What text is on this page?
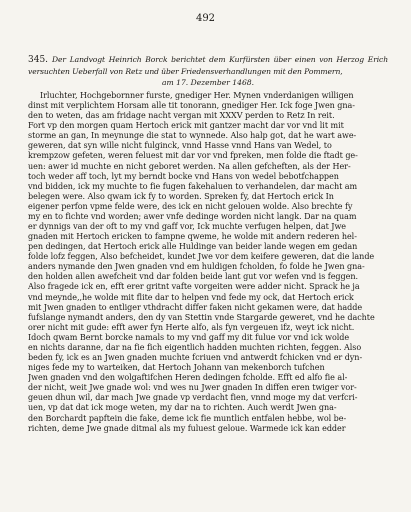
492
345. Der Landvogt Heinrich Borck berichtet dem Kurfürsten über einen von Herzog Erich versuchten Ueberfall von Retz und über Friedensverhandlungen mit den Pommern,
am 17. Dezember 1468.
Irluchter, Hochgebornner furste, gnediger Her. Mynen vnderdanigen willigen
dinst mit verplichtem Horsam alle tit tonorann, gnediger Her. Ick foge Jwen gna-
den to weten, das am fridage nacht vergan mit XXXV perden to Retz In reit.
Fort vp den morgen quam Hertoch erick mit gantzer macht dar vor vnd lit mit
storme an gan, In meynunge die stat to wynnede. Also halp got, dat he wart awe-
geweren, dat syn wille nicht fulginck, vnnd Hasse vnnd Hans van Wedel, to
krempzow gefeten, weren feluest mit dar vor vnd fpreken, men folde die ftadt ge-
uen: awer id muchte en nicht geboret werden. Na allen gefcheften, als der Her-
toch weder aff toch, lyt my berndt bocke vnd Hans von wedel bebotfchappen
vnd bidden, ick my muchte to fie fugen fakehaluen to verhandelen, dar macht am
belegen were. Also qwam ick fy to worden. Spreken fy, dat Hertoch erick In
eigener perfon vpme felde were, des ick en nicht gelouen wolde. Also brechte fy
my en to fichte vnd worden; awer vnfe dedinge worden nicht langk. Dar na quam
er dynnigs van der oft to my vnd gaff vor, Ick muchte verfugen helpen, dat Jwe
gnaden mit Hertoch ericken to fampne qweme, he wolde mit andern rederen hel-
pen dedingen, dat Hertoch erick alle Huldinge van beider lande wegen em gedan
folde lofz feggen, Also befcheidet, kundet Jwe vor dem keifere geweren, dat die lande
anders nymande den Jwen gnaden vnd em huldigen fcholden, fo folde he Jwen gna-
den holden allen awefcheit vnd dar folden beide lant gut vor wefen vnd is feggen.
Also fragede ick en, efft erer gritnt vafte vorgeiten were adder nicht. Sprack he ja
vnd meynde,,he wolde mit flite dar to helpen vnd fede my ock, dat Hertoch erick
mit Jwen gnaden to entliger vthdracht differ faken nicht gekamen were, dat hadde
fufslange nymandt anders, den dy van Stettin vnde Stargarde geweret, vnd he dachte
orer nicht mit gude: efft awer fyn Herte alfo, als fyn vergeuen ifz, weyt ick nicht.
Idoch qwam Bernt borcke namals to my vnd gaff my dit fulue vor vnd ick wolde
en nichts daranne, dar na fie fich eigentlich hadden muchten richten, feggen. Also
beden fy, ick es an Jwen gnaden muchte fcriuen vnd antwerdt fchicken vnd er dyn-
niges fede my to warteiken, dat Hertoch Johann van mekenborch tufchen
Jwen gnaden vnd den wolgaftifchen Heren dedingen fcholde. Efft ed alfo fie al-
der nicht, weit Jwe gnade wol: vnd wes nu Jwer gnaden In diffen eren twiger vor-
geuen dhun wil, dar mach Jwe gnade vp verdacht fien, vnnd moge my dat verfcri-
uen, vp dat dat ick moge weten, my dar na to richten. Auch werdt Jwen gna-
den Borchardt papftein die fake, deme ick fie muntlich entfalen hebbe, wol be-
richten, deme Jwe gnade ditmal als my fuluest geloue. Warmede ick kan edder
